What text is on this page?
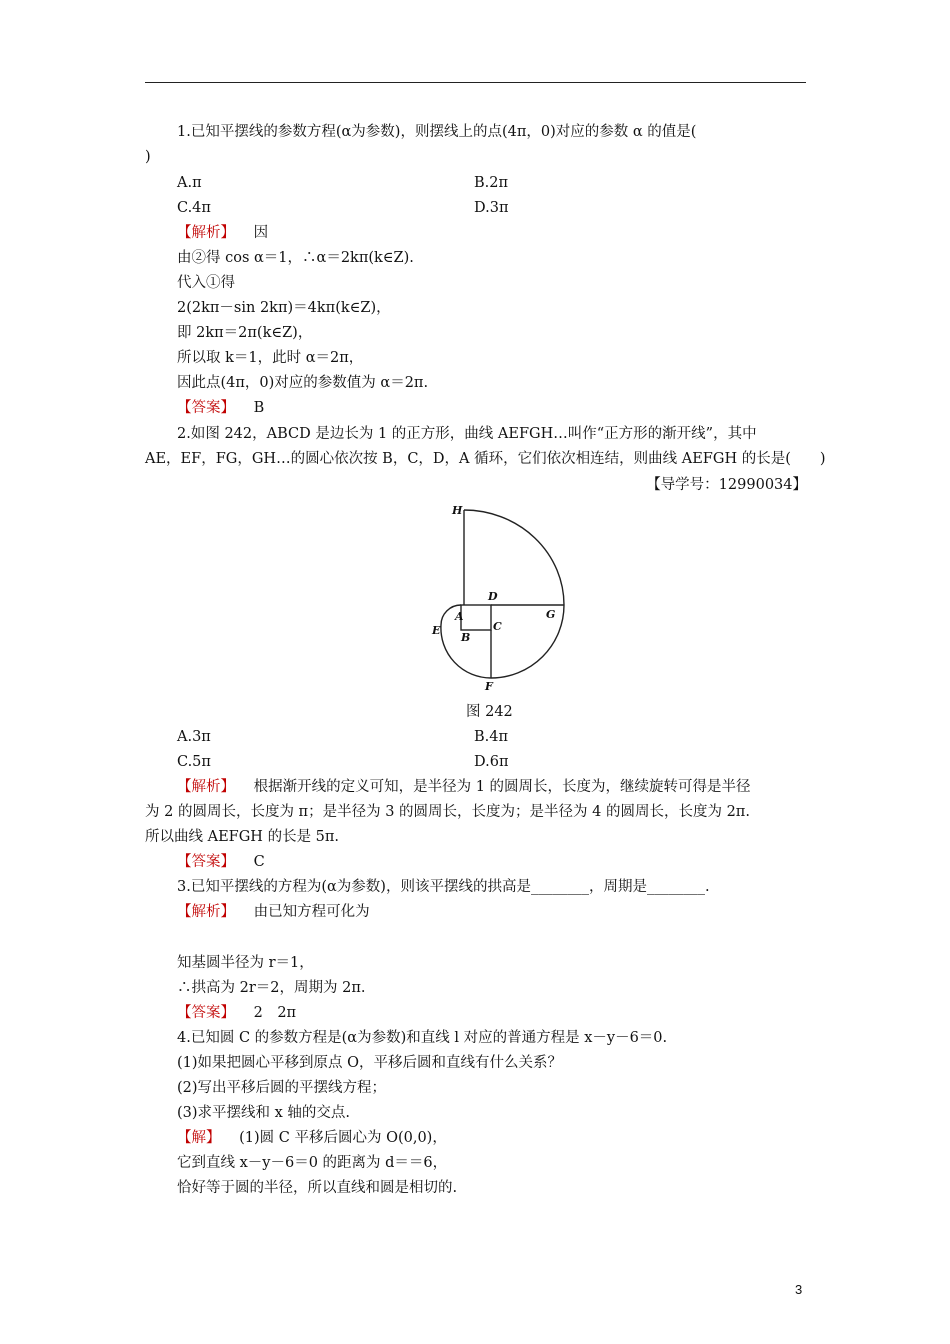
1.已知平摆线的参数方程(α为参数)，则摆线上的点(4π，0)对应的参数 α 的值是(
)
A.π	B.2π
C.4π	D.3π
【解析】 因
由②得 cos α＝1，∴α＝2kπ(k∈Z).
代入①得
2(2kπ－sin 2kπ)＝4kπ(k∈Z)，
即 2kπ＝2π(k∈Z)，
所以取 k＝1，此时 α＝2π，
因此点(4π，0)对应的参数值为 α＝2π.
【答案】 B
2.如图 242，ABCD 是边长为 1 的正方形，曲线 AEFGH…叫作“正方形的渐开线”，其中
AE，EF，FG，GH…的圆心依次按 B，C，D，A 循环，它们依次相连结，则曲线 AEFGH 的长是(　　)
【导学号：12990034】
H
D
G
A
E
B
C
F
图 242
A.3π	B.4π
C.5π	D.6π
【解析】 根据渐开线的定义可知，是半径为 1 的圆周长，长度为，继续旋转可得是半径
为 2 的圆周长，长度为 π；是半径为 3 的圆周长，长度为；是半径为 4 的圆周长，长度为 2π.
所以曲线 AEFGH 的长是 5π.
【答案】 C
3.已知平摆线的方程为(α为参数)，则该平摆线的拱高是________，周期是________.
【解析】 由已知方程可化为
知基圆半径为 r＝1，
∴拱高为 2r＝2，周期为 2π.
【答案】 2　2π
4.已知圆 C 的参数方程是(α为参数)和直线 l 对应的普通方程是 x－y－6＝0.
(1)如果把圆心平移到原点 O，平移后圆和直线有什么关系？
(2)写出平移后圆的平摆线方程；
(3)求平摆线和 x 轴的交点.
【解】 (1)圆 C 平移后圆心为 O(0,0)，
它到直线 x－y－6＝0 的距离为 d＝＝6，
恰好等于圆的半径，所以直线和圆是相切的.
3
